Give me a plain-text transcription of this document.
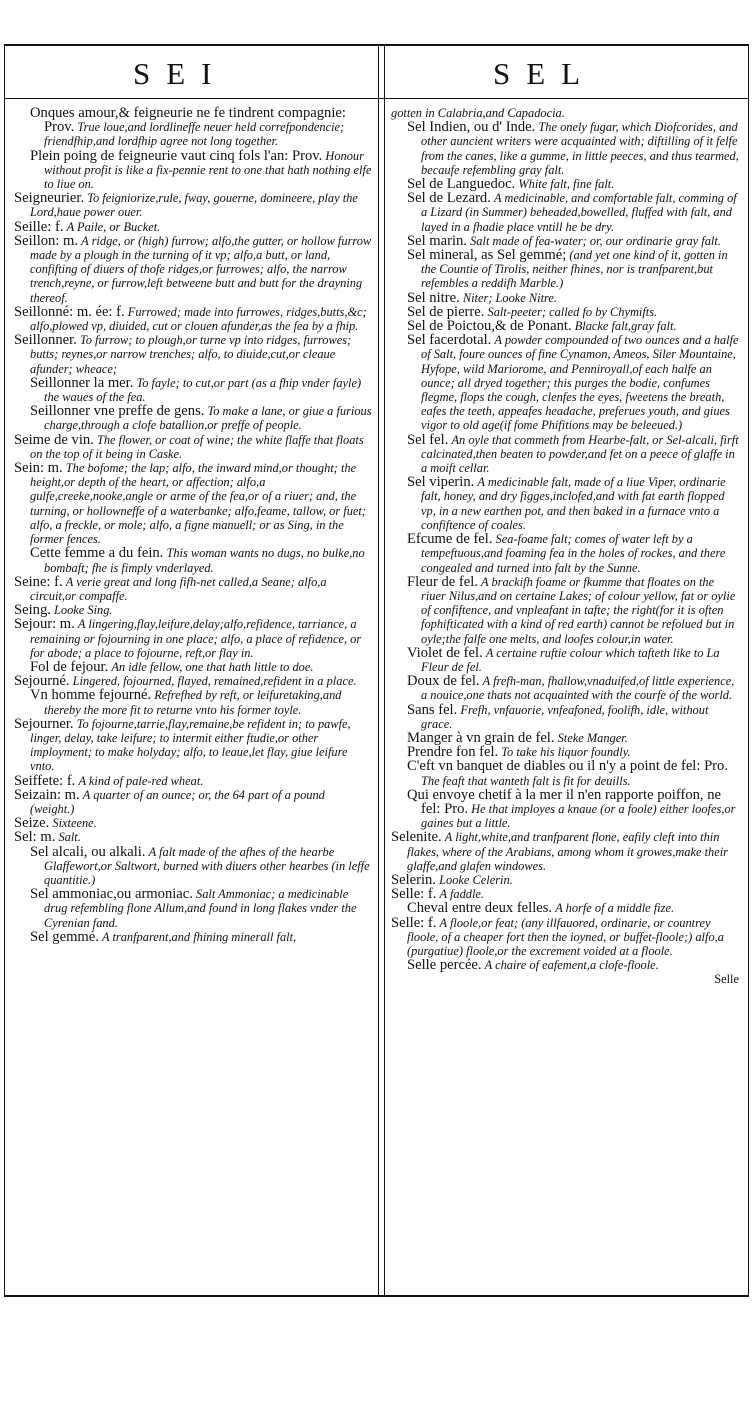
SEI	SEL

Onques amour,& feigneurie ne fe tindrent compagnie: Prov. True loue,and lordlineffe neuer held correfpondencie; friendfhip,and lordfhip agree not long together.

Plein poing de feigneurie vaut cinq fols l'an: Prov. Honour without profit is like a fix-pennie rent to one that hath nothing elfe to liue on.

Seigneurier. To feigniorize,rule, fway, gouerne, domineere, play the Lord,haue power ouer.

Seille: f. A Paile, or Bucket.

Seillon: m. A ridge, or (high) furrow; alfo,the gutter, or hollow furrow made by a plough in the turning of it vp; alfo,a butt, or land, confifting of diuers of thofe ridges,or furrowes; alfo, the narrow trench,reyne, or furrow,left betweene butt and butt for the drayning thereof.

Seillonné: m. ée: f. Furrowed; made into furrowes, ridges,butts,&c; alfo,plowed vp, diuided, cut or clouen afunder,as the fea by a fhip.

Seillonner. To furrow; to plough,or turne vp into ridges, furrowes; butts; reynes,or narrow trenches; alfo, to diuide,cut,or cleaue afunder; wheace;

Seillonner la mer. To fayle; to cut,or part (as a fhip vnder fayle) the waues of the fea.

Seillonner vne preffe de gens. To make a lane, or giue a furious charge,through a clofe batallion,or preffe of people.

Seime de vin. The flower, or coat of wine; the white flaffe that floats on the top of it being in Caske.

Sein: m. The bofome; the lap; alfo, the inward mind,or thought; the height,or depth of the heart, or affection; alfo,a gulfe,creeke,nooke,angle or arme of the fea,or of a riuer; and, the turning, or hollowneffe of a waterbanke; alfo,feame, tallow, or fuet; alfo, a freckle, or mole; alfo, a figne manuell; or as Sing, in the former fences.

Cette femme a du fein. This woman wants no dugs, no bulke,no bombaft; fhe is fimply vnderlayed.

Seine: f. A verie great and long fifh-net called,a Seane; alfo,a circuit,or compaffe.

Seing. Looke Sing.

Sejour: m. A lingering,flay,leifure,delay;alfo,refidence, tarriance, a remaining or fojourning in one place; alfo, a place of refidence, or for abode; a place to fojourne, reft,or flay in.

Fol de fejour. An idle fellow, one that hath little to doe.

Sejourné. Lingered, fojourned, flayed, remained,refident in a place.

Vn homme fejourné. Refrefhed by reft, or leifuretaking,and thereby the more fit to returne vnto his former toyle.

Sejourner. To fojourne,tarrie,flay,remaine,be refident in; to pawfe, linger, delay, take leifure; to intermit either ftudie,or other imployment; to make holyday; alfo, to leaue,let flay, giue leifure vnto.

Seiffete: f. A kind of pale-red wheat.

Seizain: m. A quarter of an ounce; or, the 64 part of a pound (weight.)

Seize. Sixteene.

Sel: m. Salt.

Sel alcali, ou alkali. A falt made of the afhes of the hearbe Glaffewort,or Saltwort, burned with diuers other hearbes (in leffe quantitie.)

Sel ammoniac,ou armoniac. Salt Ammoniac; a medicinable drug refembling flone Allum,and found in long flakes vnder the Cyrenian fand.

Sel gemmé. A tranfparent,and fhining minerall falt,

gotten in Calabria,and Capadocia.

Sel Indien, ou d' Inde. The onely fugar, which Diofcorides, and other auncient writers were acquainted with; diftilling of it felfe from the canes, like a gumme, in little peeces, and thus tearmed, becaufe refembling gray falt.

Sel de Languedoc. White falt, fine falt.

Sel de Lezard. A medicinable, and comfortable falt, comming of a Lizard (in Summer) beheaded,bowelled, fluffed with falt, and layed in a fhadie place vntill he be dry.

Sel marin. Salt made of fea-water; or, our ordinarie gray falt.

Sel mineral, as Sel gemmé; (and yet one kind of it, gotten in the Countie of Tirolis, neither fhines, nor is tranfparent,but refembles a reddifh Marble.)

Sel nitre. Niter; Looke Nitre.

Sel de pierre. Salt-peeter; called fo by Chymifts.

Sel de Poictou,& de Ponant. Blacke falt,gray falt.

Sel facerdotal. A powder compounded of two ounces and a halfe of Salt, foure ounces of fine Cynamon, Ameos, Siler Mountaine, Hyfope, wild Mariorome, and Penniroyall,of each halfe an ounce; all dryed together; this purges the bodie, confumes flegme, flops the cough, clenfes the eyes, fweetens the breath, eafes the teeth, appeafes headache, preferues youth, and giues vigor to old age(if fome Phifitions may be beleeued.)

Sel fel. An oyle that commeth from Hearbe-falt, or Sel-alcali, firft calcinated,then beaten to powder,and fet on a peece of glaffe in a moift cellar.

Sel viperin. A medicinable falt, made of a liue Viper, ordinarie falt, honey, and dry figges,inclofed,and with fat earth flopped vp, in a new earthen pot, and then baked in a furnace vnto a confiftence of coales.

Efcume de fel. Sea-foame falt; comes of water left by a tempeftuous,and foaming fea in the holes of rockes, and there congealed and turned into falt by the Sunne.

Fleur de fel. A brackifh foame or fkumme that floates on the riuer Nilus,and on certaine Lakes; of colour yellow, fat or oylie of confiftence, and vnpleafant in tafte; the right(for it is often fophifticated with a kind of red earth) cannot be refolued but in oyle;the falfe one melts, and loofes colour,in water.

Violet de fel. A certaine ruftie colour which tafteth like to La Fleur de fel.

Doux de fel. A frefh-man, fhallow,vnaduifed,of little experience, a nouice,one thats not acquainted with the courfe of the world.

Sans fel. Frefh, vnfauorie, vnfeafoned, foolifh, idle, without grace.

Manger à vn grain de fel. Steke Manger.

Prendre fon fel. To take his liquor foundly.

C'eft vn banquet de diables ou il n'y a point de fel: Pro. The feaft that wanteth falt is fit for deuills.

Qui envoye chetif à la mer il n'en rapporte poiffon, ne fel: Pro. He that imployes a knaue (or a foole) either loofes,or gaines but a little.

Selenite. A light,white,and tranfparent flone, eafily cleft into thin flakes, where of the Arabians, among whom it growes,make their glaffe,and glafen windowes.

Selerin. Looke Celerin.

Selle: f. A faddle.

Cheval entre deux felles. A horfe of a middle fize.

Selle: f. A floole,or feat; (any illfauored, ordinarie, or countrey floole, of a cheaper fort then the ioyned, or buffet-floole;) alfo,a (purgatiue) floole,or the excrement voided at a floole.

Selle percée. A chaire of eafement,a clofe-floole.

Selle
